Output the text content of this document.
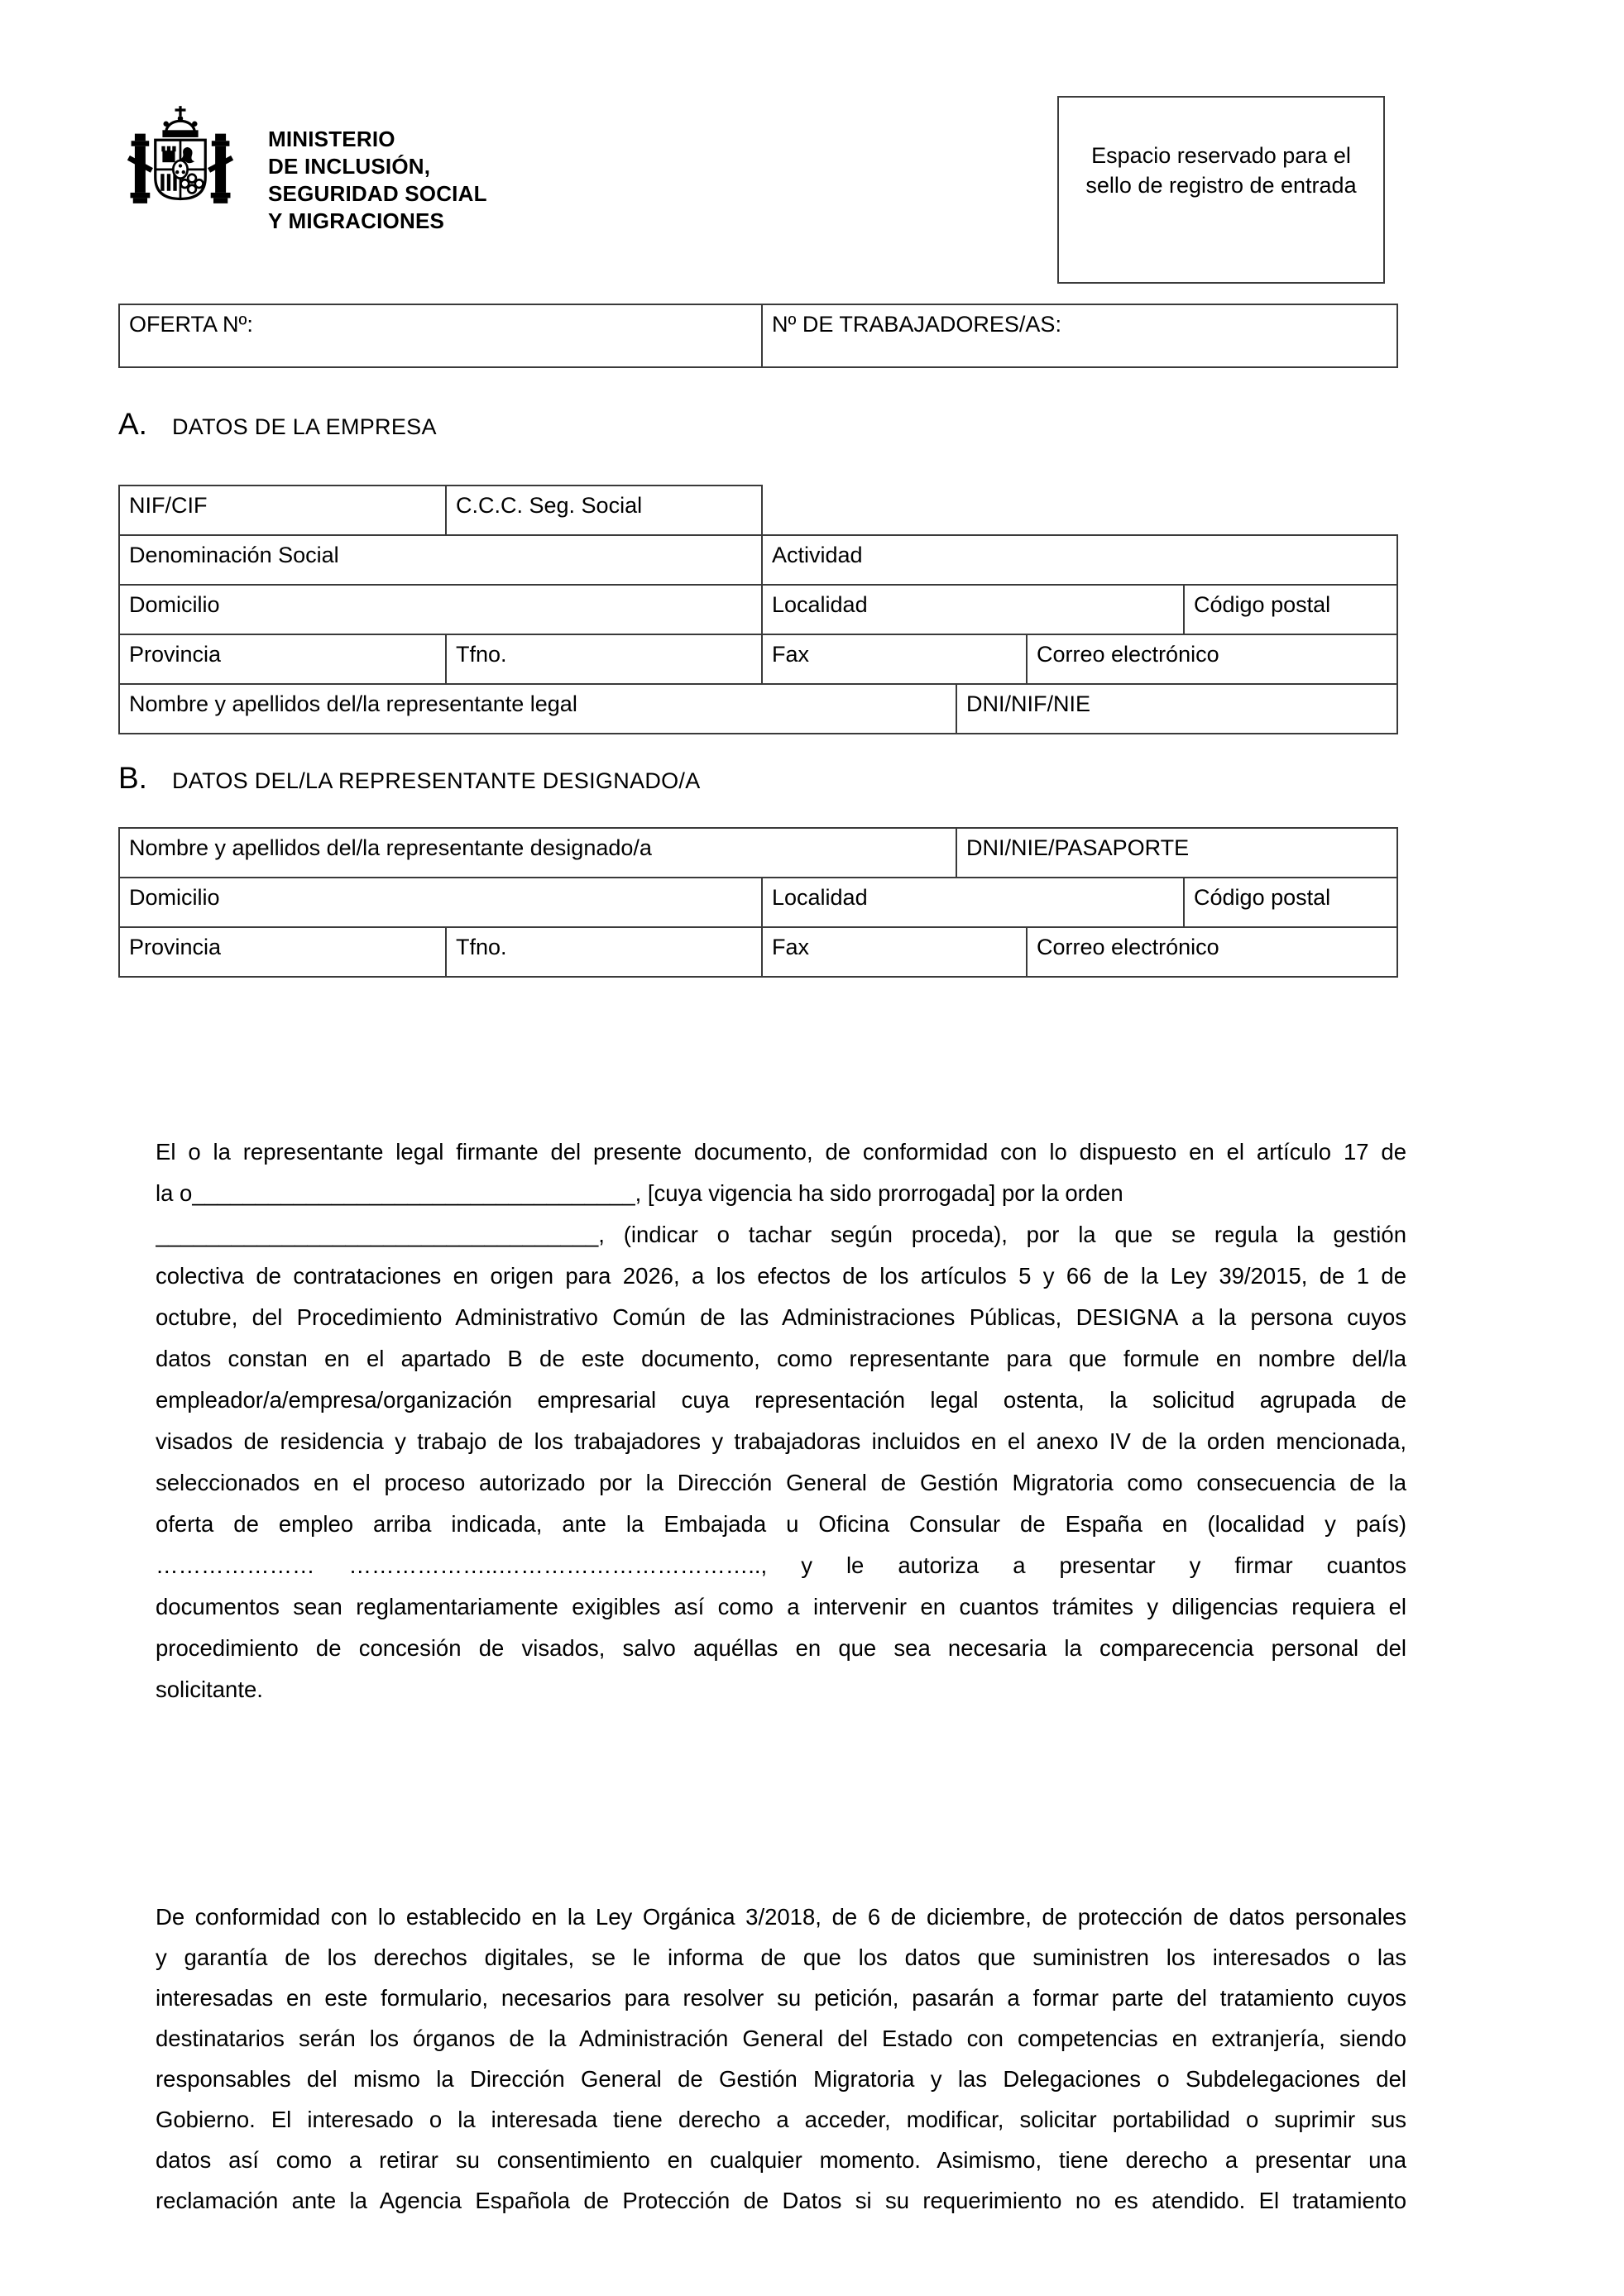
MINISTERIO
DE INCLUSIÓN,
SEGURIDAD SOCIAL
Y MIGRACIONES
Espacio reservado para el sello de registro de entrada
OFERTA Nº:	Nº DE TRABAJADORES/AS:
A. DATOS DE LA EMPRESA
NIF/CIF	C.C.C. Seg. Social				
Denominación Social		Actividad			
Domicilio		Localidad			Código postal
Provincia	Tfno.	Fax		Correo electrónico	
Nombre y apellidos del/la representante legal			DNI/NIF/NIE		
B. DATOS DEL/LA REPRESENTANTE DESIGNADO/A
Nombre y apellidos del/la representante designado/a			DNI/NIE/PASAPORTE		
Domicilio		Localidad			Código postal
Provincia	Tfno.	Fax		Correo electrónico	
El o la representante legal firmante del presente documento, de conformidad con lo dispuesto en el artículo 17 de
la o___________________________________, [cuya vigencia ha sido prorrogada] por la orden
___________________________________, (indicar o tachar según proceda), por la que se regula la gestión
colectiva de contrataciones en origen para 2026, a los efectos de los artículos 5 y 66 de la Ley 39/2015, de 1 de
octubre, del Procedimiento Administrativo Común de las Administraciones Públicas, DESIGNA a la persona cuyos
datos constan en el apartado B de este documento, como representante para que formule en nombre del/la
empleador/a/empresa/organización empresarial cuya representación legal ostenta, la solicitud agrupada de
visados de residencia y trabajo de los trabajadores y trabajadoras incluidos en el anexo IV de la orden mencionada,
seleccionados en el proceso autorizado por la Dirección General de Gestión Migratoria como consecuencia de la
oferta de empleo arriba indicada, ante la Embajada u Oficina Consular de España en (localidad y país)
………………… ………………..…………………………….., y le autoriza a presentar y firmar cuantos
documentos sean reglamentariamente exigibles así como a intervenir en cuantos trámites y diligencias requiera el
procedimiento de concesión de visados, salvo aquéllas en que sea necesaria la comparecencia personal del
solicitante.
De conformidad con lo establecido en la Ley Orgánica 3/2018, de 6 de diciembre, de protección de datos personales
y garantía de los derechos digitales, se le informa de que los datos que suministren los interesados o las
interesadas en este formulario, necesarios para resolver su petición, pasarán a formar parte del tratamiento cuyos
destinatarios serán los órganos de la Administración General del Estado con competencias en extranjería, siendo
responsables del mismo la Dirección General de Gestión Migratoria y las Delegaciones o Subdelegaciones del
Gobierno. El interesado o la interesada tiene derecho a acceder, modificar, solicitar portabilidad o suprimir sus
datos así como a retirar su consentimiento en cualquier momento. Asimismo, tiene derecho a presentar una
reclamación ante la Agencia Española de Protección de Datos si su requerimiento no es atendido. El tratamiento
